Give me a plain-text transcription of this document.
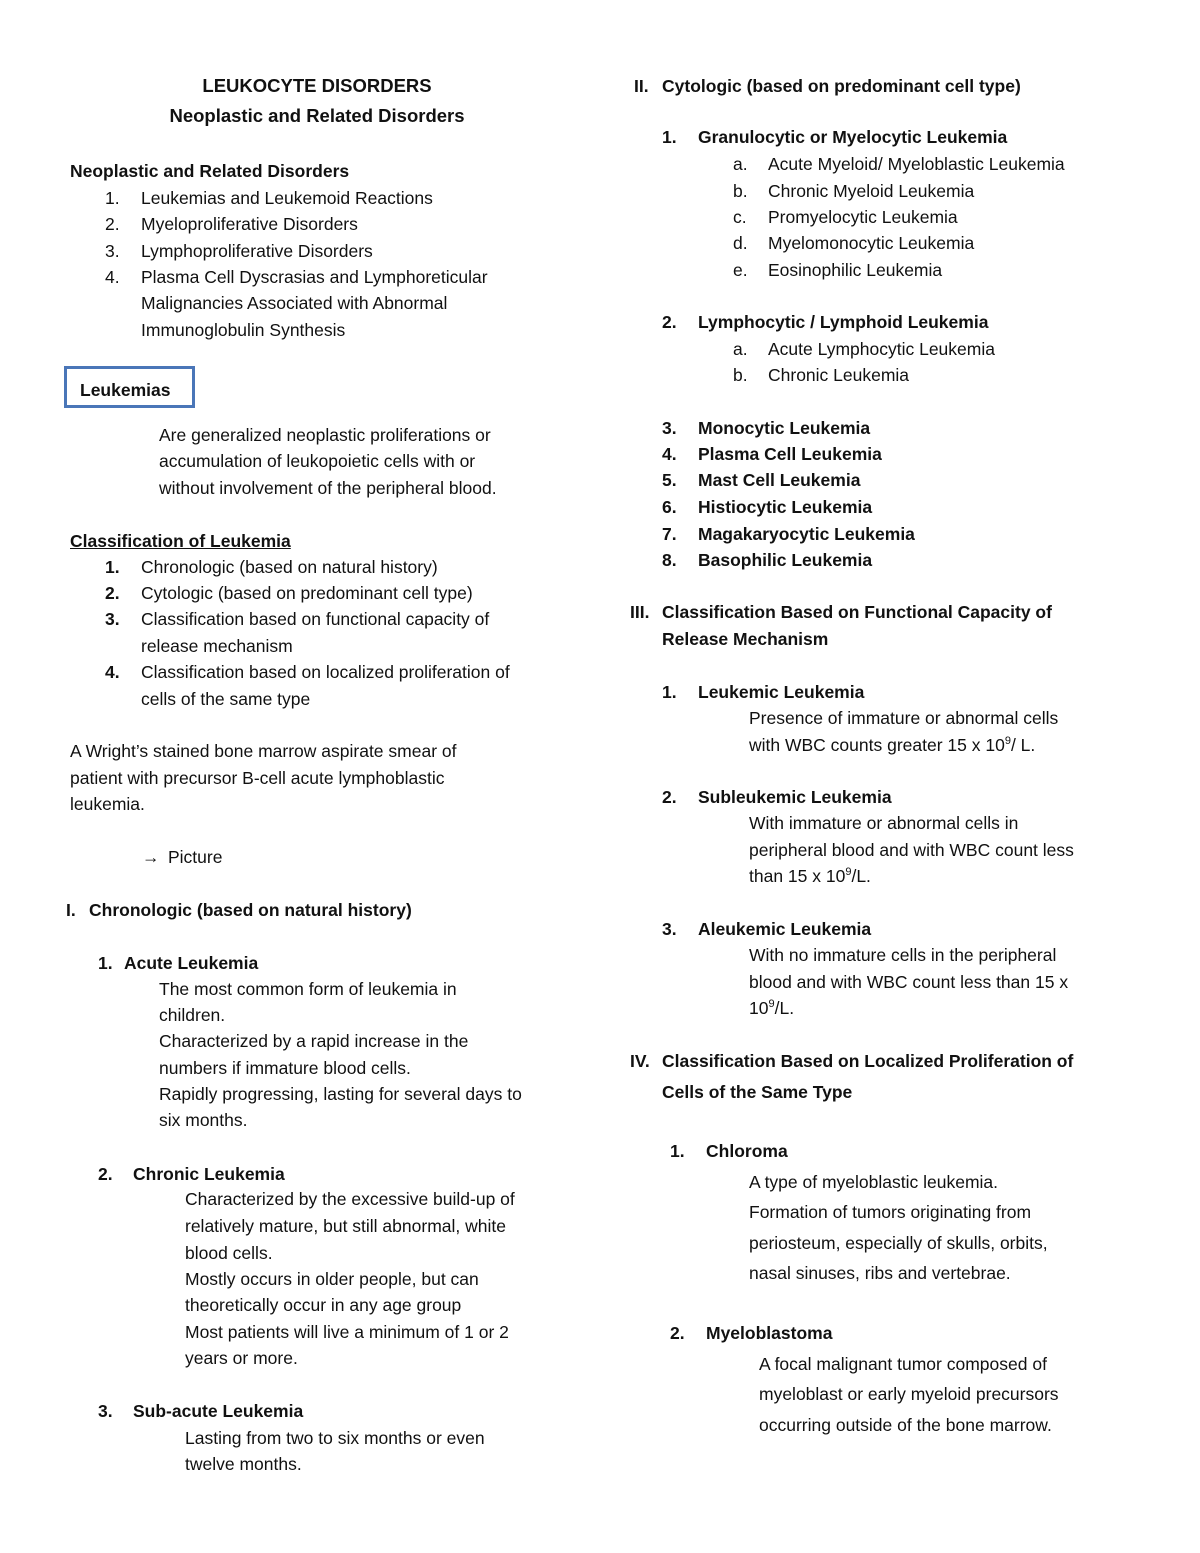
LEUKOCYTE DISORDERS
Neoplastic and Related Disorders
Neoplastic and Related Disorders
1. Leukemias and Leukemoid Reactions
2. Myeloproliferative Disorders
3. Lymphoproliferative Disorders
4. Plasma Cell Dyscrasias and Lymphoreticular
Malignancies Associated with Abnormal
Immunoglobulin Synthesis
Leukemias
Are generalized neoplastic proliferations or
accumulation of leukopoietic cells with or
without involvement of the peripheral blood.
Classification of Leukemia
1. Chronologic (based on natural history)
2. Cytologic (based on predominant cell type)
3. Classification based on functional capacity of
release mechanism
4. Classification based on localized proliferation of
cells of the same type
A Wright’s stained bone marrow aspirate smear of
patient with precursor B-cell acute lymphoblastic
leukemia.
→ Picture
I. Chronologic (based on natural history)
1. Acute Leukemia
The most common form of leukemia in
children.
Characterized by a rapid increase in the
numbers if immature blood cells.
Rapidly progressing, lasting for several days to
six months.
2. Chronic Leukemia
Characterized by the excessive build-up of
relatively mature, but still abnormal, white
blood cells.
Mostly occurs in older people, but can
theoretically occur in any age group
Most patients will live a minimum of 1 or 2
years or more.
3. Sub-acute Leukemia
Lasting from two to six months or even
twelve months.
II. Cytologic (based on predominant cell type)
1. Granulocytic or Myelocytic Leukemia
a. Acute Myeloid/ Myeloblastic Leukemia
b. Chronic Myeloid Leukemia
c. Promyelocytic Leukemia
d. Myelomonocytic Leukemia
e. Eosinophilic Leukemia
2. Lymphocytic / Lymphoid Leukemia
a. Acute Lymphocytic Leukemia
b. Chronic Leukemia
3. Monocytic Leukemia
4. Plasma Cell Leukemia
5. Mast Cell Leukemia
6. Histiocytic Leukemia
7. Magakaryocytic Leukemia
8. Basophilic Leukemia
III. Classification Based on Functional Capacity of
Release Mechanism
1. Leukemic Leukemia
Presence of immature or abnormal cells
with WBC counts greater 15 x $10^9/$ L.
2. Subleukemic Leukemia
With immature or abnormal cells in
peripheral blood and with WBC count less
than 15 x $10^9/L$.
3. Aleukemic Leukemia
With no immature cells in the peripheral
blood and with WBC count less than 15 x
$10^9/L$.
IV. Classification Based on Localized Proliferation of
Cells of the Same Type
1. Chloroma
A type of myeloblastic leukemia.
Formation of tumors originating from
periosteum, especially of skulls, orbits,
nasal sinuses, ribs and vertebrae.
2. Myeloblastoma
A focal malignant tumor composed of
myeloblast or early myeloid precursors
occurring outside of the bone marrow.
